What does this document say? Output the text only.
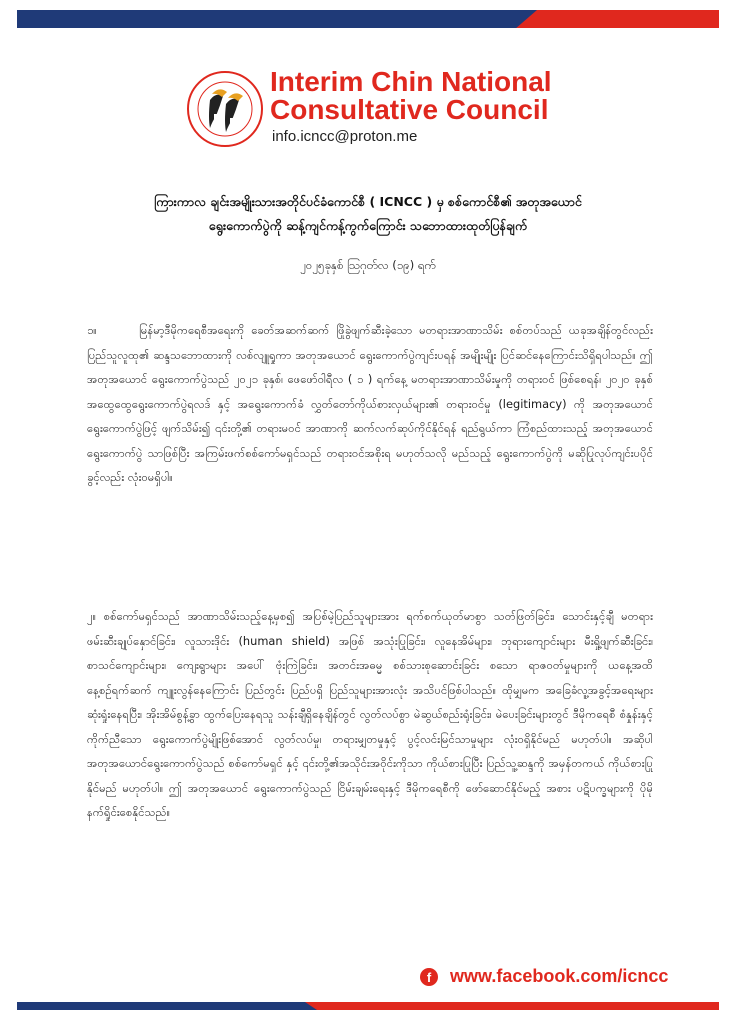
Interim Chin National
Consultative Council
info.icncc@proton.me
ကြားကာလ ချင်းအမျိုးသားအတိုင်ပင်ခံကောင်စီ ( ICNCC ) မှ စစ်ကောင်စီ၏ အတုအယောင်
ရွေးကောက်ပွဲကို ဆန့်ကျင်ကန့်ကွက်ကြောင်း သဘောထားထုတ်ပြန်ချက်
၂၀၂၅ခုနှစ် ဩဂုတ်လ (၁၉) ရက်
၁။	မြန်မာ့ဒီမိုကရေစီအရေးကို ခေတ်အဆက်ဆက် ဖြိုခွဲဖျက်ဆီးခဲ့သော မတရားအာဏာသိမ်း စစ်တပ်သည် ယခုအချိန်တွင်လည်း ပြည်သူလူထု၏ ဆန္ဒသဘောထားကို လစ်လျူရှုကာ အတုအယောင် ရွေးကောက်ပွဲကျင်းပရန် အမျိုးမျိုး ပြင်ဆင်နေကြောင်းသိရှိရပါသည်။ ဤအတုအယောင် ရွေးကောက်ပွဲသည် ၂၀၂၁ ခုနှစ်၊ ဖေဖော်ဝါရီလ ( ၁ ) ရက်နေ့ မတရားအာဏာသိမ်းမှုကို တရားဝင် ဖြစ်စေရန်၊ ၂၀၂၀ ခုနှစ် အထွေထွေရွေးကောက်ပွဲရလဒ် နှင့် အရွေးကောက်ခံ လွှတ်တော်ကိုယ်စားလှယ်များ၏ တရားဝင်မှု (legitimacy) ကို အတုအယောင် ရွေးကောက်ပွဲဖြင့် ဖျက်သိမ်း၍ ၎င်းတို့၏ တရားမဝင် အာဏာကို ဆက်လက်ဆုပ်ကိုင်နိုင်ရန် ရည်ရွယ်ကာ ကြံစည်ထားသည့် အတုအယောင် ရွေးကောက်ပွဲ သာဖြစ်ပြီး အကြမ်းဖက်စစ်ကော်မရှင်သည် တရားဝင်အစိုးရ မဟုတ်သလို မည်သည့် ရွေးကောက်ပွဲကို မဆိုပြုလုပ်ကျင်းပပိုင်ခွင့်လည်း လုံးဝမရှိပါ။
၂။ စစ်ကော်မရှင်သည် အာဏာသိမ်းသည့်နေ့မှစ၍ အပြစ်မဲ့ပြည်သူများအား ရက်စက်ယုတ်မာစွာ သတ်ဖြတ်ခြင်း၊ သောင်းနှင့်ချီ မတရားဖမ်းဆီးချုပ်နှောင်ခြင်း၊ လူသားဒိုင်း (human shield) အဖြစ် အသုံးပြုခြင်း၊ လူနေအိမ်များ၊ ဘုရားကျောင်းများ မီးရှို့ဖျက်ဆီးခြင်း၊ စာသင်ကျောင်းများ၊ ကျေးရွာများ အပေါ် ဗုံးကြဲခြင်း၊ အတင်းအဓမ္မ စစ်သားစုဆောင်းခြင်း စသော ရာဇဝတ်မှုများကို ယနေ့အထိ နေ့စဉ်ရက်ဆက် ကျူးလွန်နေကြောင်း ပြည်တွင်း ပြည်ပရှိ ပြည်သူများအားလုံး အသိပင်ဖြစ်ပါသည်။ ထိုမျှမက အခြေခံလူ့အခွင့်အရေးများ ဆုံးရှုံးနေရပြီး၊ အိုးအိမ်စွန့်ခွာ ထွက်ပြေးနေရသူ သန်းချီရှိနေချိန်တွင် လွတ်လပ်စွာ မဲဆွယ်စည်းရုံးခြင်း၊ မဲပေးခြင်းများတွင် ဒီမိုကရေစီ စံနှုန်းနှင့် ကိုက်ညီသော ရွေးကောက်ပွဲမျိုးဖြစ်အောင် လွတ်လပ်မှု၊ တရားမျှတမှုနှင့် ပွင့်လင်းမြင်သာမှုများ လုံးဝရှိနိုင်မည် မဟုတ်ပါ။ အဆိုပါ အတုအယောင်ရွေးကောက်ပွဲသည် စစ်ကော်မရှင် နှင့် ၎င်းတို့၏အသိုင်းအဝိုင်းကိုသာ ကိုယ်စားပြုပြီး ပြည်သူ့ဆန္ဒကို အမှန်တကယ် ကိုယ်စားပြုနိုင်မည် မဟုတ်ပါ။ ဤ အတုအယောင် ရွေးကောက်ပွဲသည် ငြိမ်းချမ်းရေးနှင့် ဒီမိုကရေစီကို ဖော်ဆောင်နိုင်မည့် အစား ပဋိပက္ခများကို ပိုမိုနက်ရှိုင်းစေနိုင်သည်။
f	www.facebook.com/icncc
